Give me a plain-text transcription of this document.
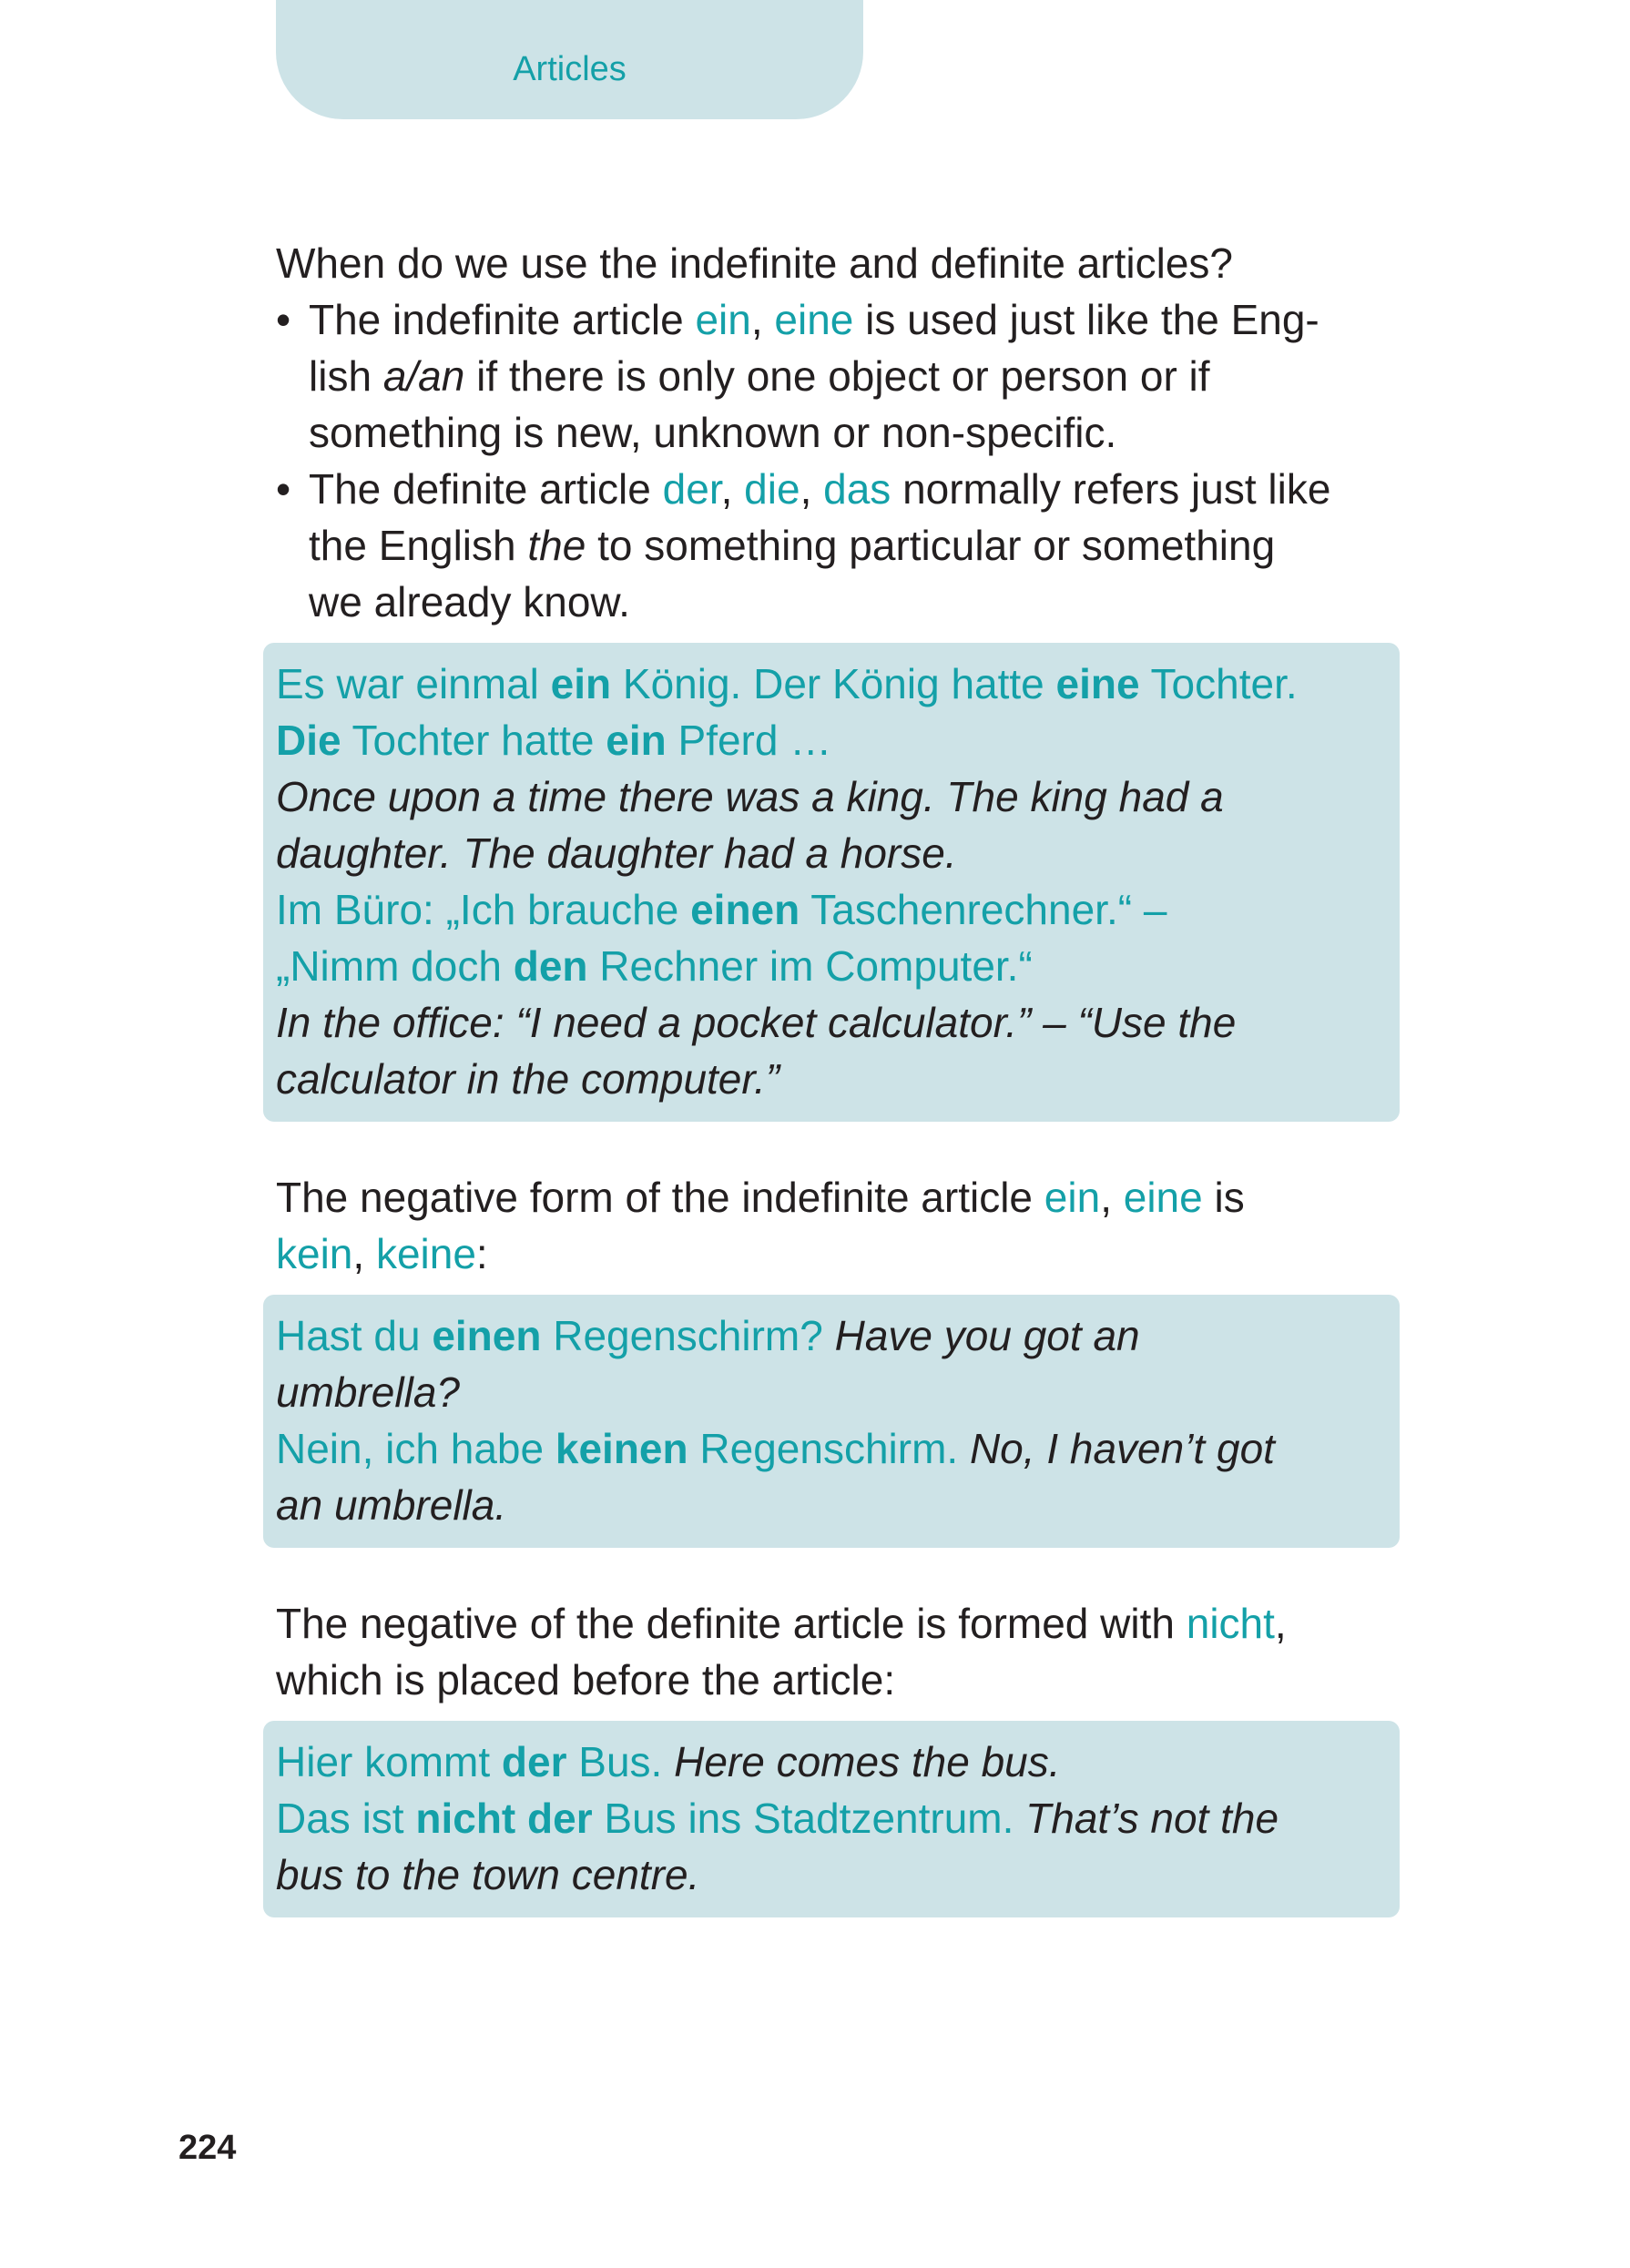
Articles

When do we use the indefinite and definite articles?

• The indefinite article ein, eine is used just like the Eng-
lish a/an if there is only one object or person or if
something is new, unknown or non-specific.
• The definite article der, die, das normally refers just like
the English the to something particular or something
we already know.
Es war einmal ein König. Der König hatte eine Tochter.
Die Tochter hatte ein Pferd …
Once upon a time there was a king. The king had a
daughter. The daughter had a horse.
Im Büro: „Ich brauche einen Taschenrechner.“ –
„Nimm doch den Rechner im Computer.“
In the office: “I need a pocket calculator.” – “Use the
calculator in the computer.”

The negative form of the indefinite article ein, eine is
kein, keine:

Hast du einen Regenschirm? Have you got an
umbrella?
Nein, ich habe keinen Regenschirm. No, I haven’t got
an umbrella.

The negative of the definite article is formed with nicht,
which is placed before the article:

Hier kommt der Bus. Here comes the bus.
Das ist nicht der Bus ins Stadtzentrum. That’s not the
bus to the town centre.
224
